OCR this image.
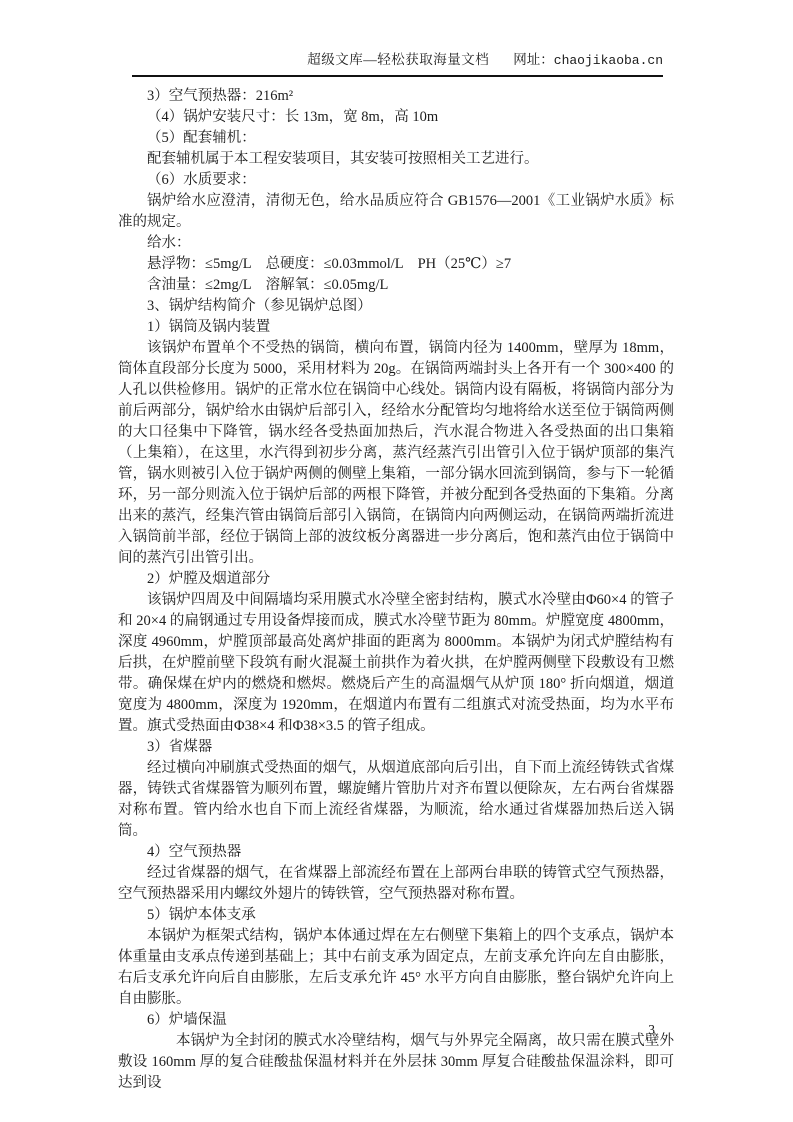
超级文库—轻松获取海量文档 网址：chaojikaoba.cn

3）空气预热器：216m²

（4）锅炉安装尺寸：长 13m，宽 8m，高 10m

（5）配套辅机：

配套辅机属于本工程安装项目，其安装可按照相关工艺进行。

（6）水质要求：

锅炉给水应澄清，清彻无色，给水品质应符合 GB1576—2001《工业锅炉水质》标准的规定。

给水：

悬浮物：≤5mg/L　总硬度：≤0.03mmol/L　PH（25℃）≥7

含油量：≤2mg/L　溶解氧：≤0.05mg/L

3、锅炉结构简介（参见锅炉总图）

1）锅筒及锅内装置

该锅炉布置单个不受热的锅筒，横向布置，锅筒内径为 1400mm，壁厚为 18mm，筒体直段部分长度为 5000，采用材料为 20g。在锅筒两端封头上各开有一个 300×400 的人孔以供检修用。锅炉的正常水位在锅筒中心线处。锅筒内设有隔板，将锅筒内部分为前后两部分，锅炉给水由锅炉后部引入，经给水分配管均匀地将给水送至位于锅筒两侧的大口径集中下降管，锅水经各受热面加热后，汽水混合物进入各受热面的出口集箱（上集箱），在这里，水汽得到初步分离，蒸汽经蒸汽引出管引入位于锅炉顶部的集汽管，锅水则被引入位于锅炉两侧的侧壁上集箱，一部分锅水回流到锅筒，参与下一轮循环，另一部分则流入位于锅炉后部的两根下降管，并被分配到各受热面的下集箱。分离出来的蒸汽，经集汽管由锅筒后部引入锅筒，在锅筒内向两侧运动，在锅筒两端折流进入锅筒前半部，经位于锅筒上部的波纹板分离器进一步分离后，饱和蒸汽由位于锅筒中间的蒸汽引出管引出。

2）炉膛及烟道部分

该锅炉四周及中间隔墙均采用膜式水冷壁全密封结构，膜式水冷壁由Φ60×4 的管子和 20×4 的扁钢通过专用设备焊接而成，膜式水冷壁节距为 80mm。炉膛宽度 4800mm，深度 4960mm，炉膛顶部最高处离炉排面的距离为 8000mm。本锅炉为闭式炉膛结构有后拱，在炉膛前壁下段筑有耐火混凝土前拱作为着火拱，在炉膛两侧壁下段敷设有卫燃带。确保煤在炉内的燃烧和燃烬。燃烧后产生的高温烟气从炉顶 180° 折向烟道，烟道宽度为 4800mm，深度为 1920mm，在烟道内布置有二组旗式对流受热面，均为水平布置。旗式受热面由Φ38×4 和Φ38×3.5 的管子组成。

3）省煤器

经过横向冲刷旗式受热面的烟气，从烟道底部向后引出，自下而上流经铸铁式省煤器，铸铁式省煤器管为顺列布置，螺旋鳍片管肋片对齐布置以便除灰，左右两台省煤器对称布置。管内给水也自下而上流经省煤器，为顺流，给水通过省煤器加热后送入锅筒。

4）空气预热器

经过省煤器的烟气，在省煤器上部流经布置在上部两台串联的铸管式空气预热器，空气预热器采用内螺纹外翅片的铸铁管，空气预热器对称布置。

5）锅炉本体支承

本锅炉为框架式结构，锅炉本体通过焊在左右侧壁下集箱上的四个支承点，锅炉本体重量由支承点传递到基础上；其中右前支承为固定点，左前支承允许向左自由膨胀，右后支承允许向后自由膨胀，左后支承允许 45° 水平方向自由膨胀，整台锅炉允许向上自由膨胀。

6）炉墙保温

本锅炉为全封闭的膜式水冷壁结构，烟气与外界完全隔离，故只需在膜式壁外敷设 160mm 厚的复合硅酸盐保温材料并在外层抹 30mm 厚复合硅酸盐保温涂料，即可达到设

3
